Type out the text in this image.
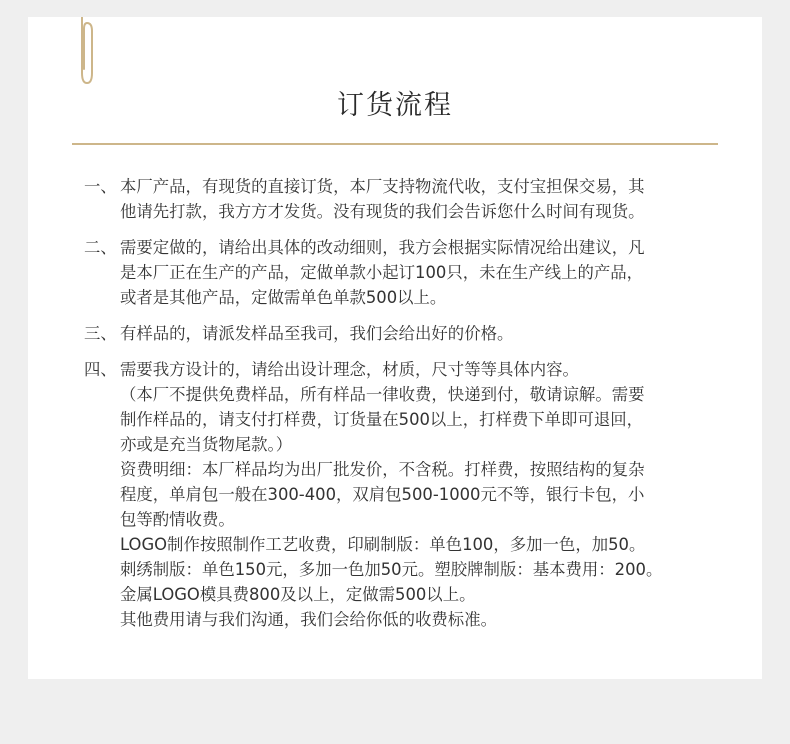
订货流程
一、 本厂产品，有现货的直接订货，本厂支持物流代收，支付宝担保交易，其
他请先打款，我方方才发货。没有现货的我们会告诉您什么时间有现货。
二、 需要定做的，请给出具体的改动细则，我方会根据实际情况给出建议，凡
是本厂正在生产的产品，定做单款小起订100只，未在生产线上的产品，
或者是其他产品，定做需单色单款500以上。
三、 有样品的，请派发样品至我司，我们会给出好的价格。
四、 需要我方设计的，请给出设计理念，材质，尺寸等等具体内容。
（本厂不提供免费样品，所有样品一律收费，快递到付，敬请谅解。需要
制作样品的，请支付打样费，订货量在500以上，打样费下单即可退回，
亦或是充当货物尾款。）
资费明细：本厂样品均为出厂批发价，不含税。打样费，按照结构的复杂
程度，单肩包一般在300-400，双肩包500-1000元不等，银行卡包，小
包等酌情收费。
LOGO制作按照制作工艺收费，印刷制版：单色100，多加一色，加50。
刺绣制版：单色150元，多加一色加50元。塑胶牌制版：基本费用：200。
金属LOGO模具费800及以上，定做需500以上。
其他费用请与我们沟通，我们会给你低的收费标准。
